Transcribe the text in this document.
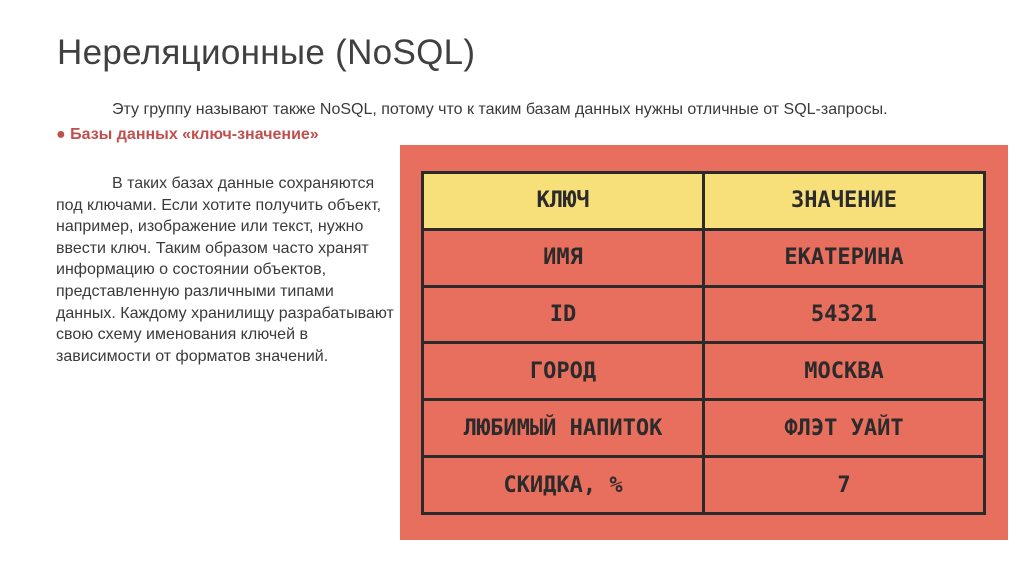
Нереляционные (NoSQL)
Эту группу называют также NoSQL, потому что к таким базам данных нужны отличные от SQL-запросы.
● Базы данных «ключ-значение»
В таких базах данные сохраняются под ключами. Если хотите получить объект, например, изображение или текст, нужно ввести ключ. Таким образом часто хранят информацию о состоянии объектов, представленную различными типами данных. Каждому хранилищу разрабатывают свою схему именования ключей в зависимости от форматов значений.
КЛЮЧ	ЗНАЧЕНИЕ
ИМЯ	ЕКАТЕРИНА
ID	54321
ГОРОД	МОСКВА
ЛЮБИМЫЙ НАПИТОК	ФЛЭТ УАЙТ
СКИДКА, %	7
